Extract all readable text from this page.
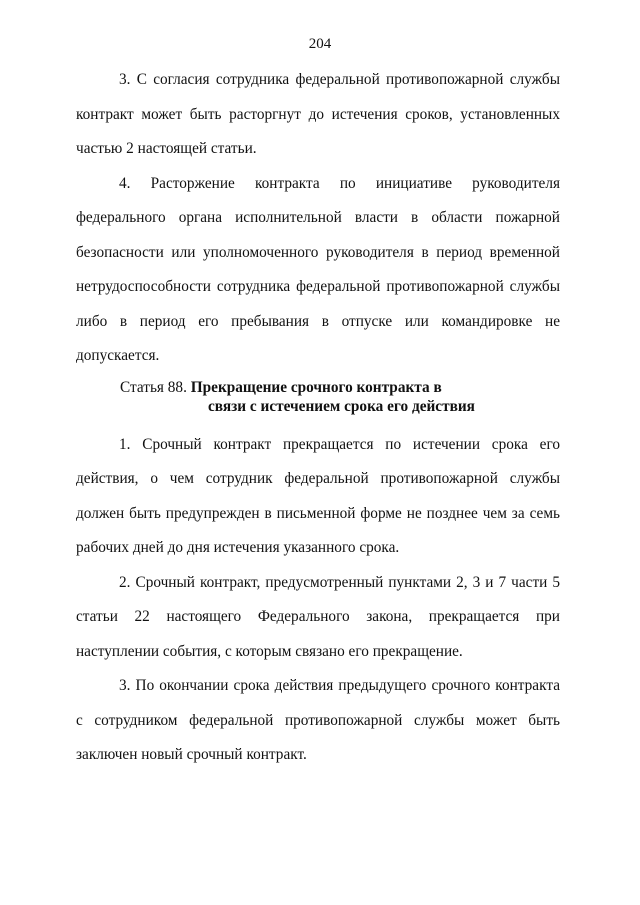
204

3. С согласия сотрудника федеральной противопожарной службы контракт может быть расторгнут до истечения сроков, установленных частью 2 настоящей статьи.

4. Расторжение контракта по инициативе руководителя федерального органа исполнительной власти в области пожарной безопасности или уполномоченного руководителя в период временной нетрудоспособности сотрудника федеральной противопожарной службы либо в период его пребывания в отпуске или командировке не допускается.

Статья 88. Прекращение срочного контракта в
связи с истечением срока его действия

1. Срочный контракт прекращается по истечении срока его действия, о чем сотрудник федеральной противопожарной службы должен быть предупрежден в письменной форме не позднее чем за семь рабочих дней до дня истечения указанного срока.

2. Срочный контракт, предусмотренный пунктами 2, 3 и 7 части 5 статьи 22 настоящего Федерального закона, прекращается при наступлении события, с которым связано его прекращение.

3. По окончании срока действия предыдущего срочного контракта с сотрудником федеральной противопожарной службы может быть заключен новый срочный контракт.
